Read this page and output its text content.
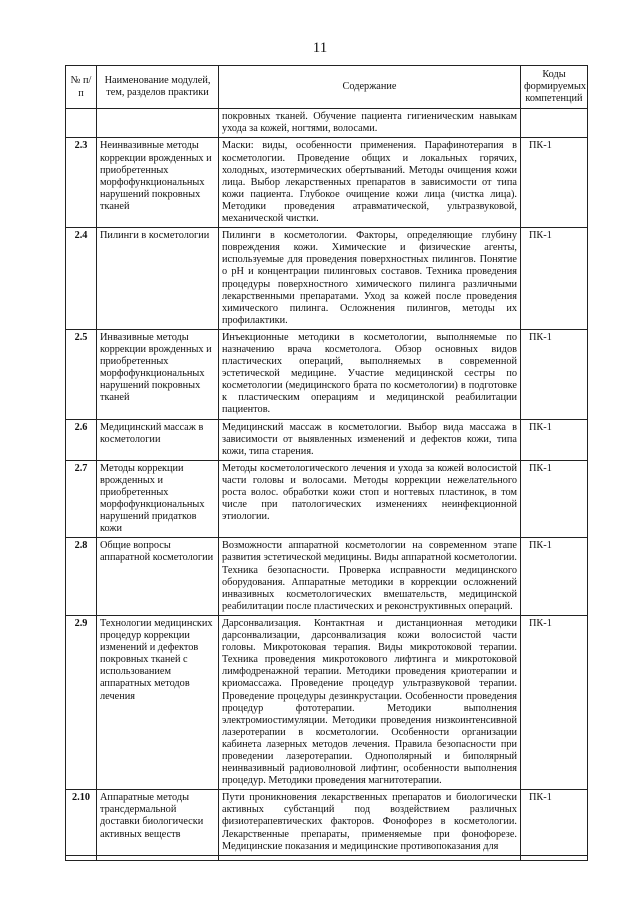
11
№ п/п	Наименование модулей, тем, разделов практики	Содержание	Коды формируемых компетенций
		покровных тканей. Обучение пациента гигиеническим навыкам ухода за кожей, ногтями, волосами.	
2.3	Неинвазивные методы коррекции врожденных и приобретенных морфофункциональных нарушений покровных тканей	Маски: виды, особенности применения. Парафинотерапия в косметологии. Проведение общих и локальных горячих, холодных, изотермических обертываний. Методы очищения кожи лица. Выбор лекарственных препаратов в зависимости от типа кожи пациента. Глубокое очищение кожи лица (чистка лица). Методики проведения атравматической, ультразвуковой, механической чистки.	ПК-1
2.4	Пилинги в косметологии	Пилинги в косметологии. Факторы, определяющие глубину повреждения кожи. Химические и физические агенты, используемые для проведения поверхностных пилингов. Понятие о pH и концентрации пилинговых составов. Техника проведения процедуры поверхностного химического пилинга различными лекарственными препаратами. Уход за кожей после проведения химического пилинга. Осложнения пилингов, методы их профилактики.	ПК-1
2.5	Инвазивные методы коррекции врожденных и приобретенных морфофункциональных нарушений покровных тканей	Инъекционные методики в косметологии, выполняемые по назначению врача косметолога. Обзор основных видов пластических операций, выполняемых в современной эстетической медицине. Участие медицинской сестры по косметологии (медицинского брата по косметологии) в подготовке к пластическим операциям и медицинской реабилитации пациентов.	ПК-1
2.6	Медицинский массаж в косметологии	Медицинский массаж в косметологии. Выбор вида массажа в зависимости от выявленных изменений и дефектов кожи, типа кожи, типа старения.	ПК-1
2.7	Методы коррекции врожденных и приобретенных морфофункциональных нарушений придатков кожи	Методы косметологического лечения и ухода за кожей волосистой части головы и волосами. Методы коррекции нежелательного роста волос. обработки кожи стоп и ногтевых пластинок, в том числе при патологических изменениях неинфекционной этиологии.	ПК-1
2.8	Общие вопросы аппаратной косметологии	Возможности аппаратной косметологии на современном этапе развития эстетической медицины. Виды аппаратной косметологии. Техника безопасности. Проверка исправности медицинского оборудования. Аппаратные методики в коррекции осложнений инвазивных косметологических вмешательств, медицинской реабилитации после пластических и реконструктивных операций.	ПК-1
2.9	Технологии медицинских процедур коррекции изменений и дефектов покровных тканей с использованием аппаратных методов лечения	Дарсонвализация. Контактная и дистанционная методики дарсонвализации, дарсонвализация кожи волосистой части головы. Микротоковая терапия. Виды микротоковой терапии. Техника проведения микротокового лифтинга и микротоковой лимфодренажной терапии. Методики проведения криотерапии и криомассажа. Проведение процедур ультразвуковой терапии. Проведение процедуры дезинкрустации. Особенности проведения процедур фототерапии. Методики выполнения электромиостимуляции. Методики проведения низкоинтенсивной лазеротерапии в косметологии. Особенности организации кабинета лазерных методов лечения. Правила безопасности при проведении лазеротерапии. Однополярный и биполярный неинвазивный радиоволновой лифтинг, особенности выполнения процедур. Методики проведения магнитотерапии.	ПК-1
2.10	Аппаратные методы трансдермальной доставки биологически активных веществ	Пути проникновения лекарственных препаратов и биологически активных субстанций под воздействием различных физиотерапевтических факторов. Фонофорез в косметологии. Лекарственные препараты, применяемые при фонофорезе. Медицинские показания и медицинские противопоказания для	ПК-1
